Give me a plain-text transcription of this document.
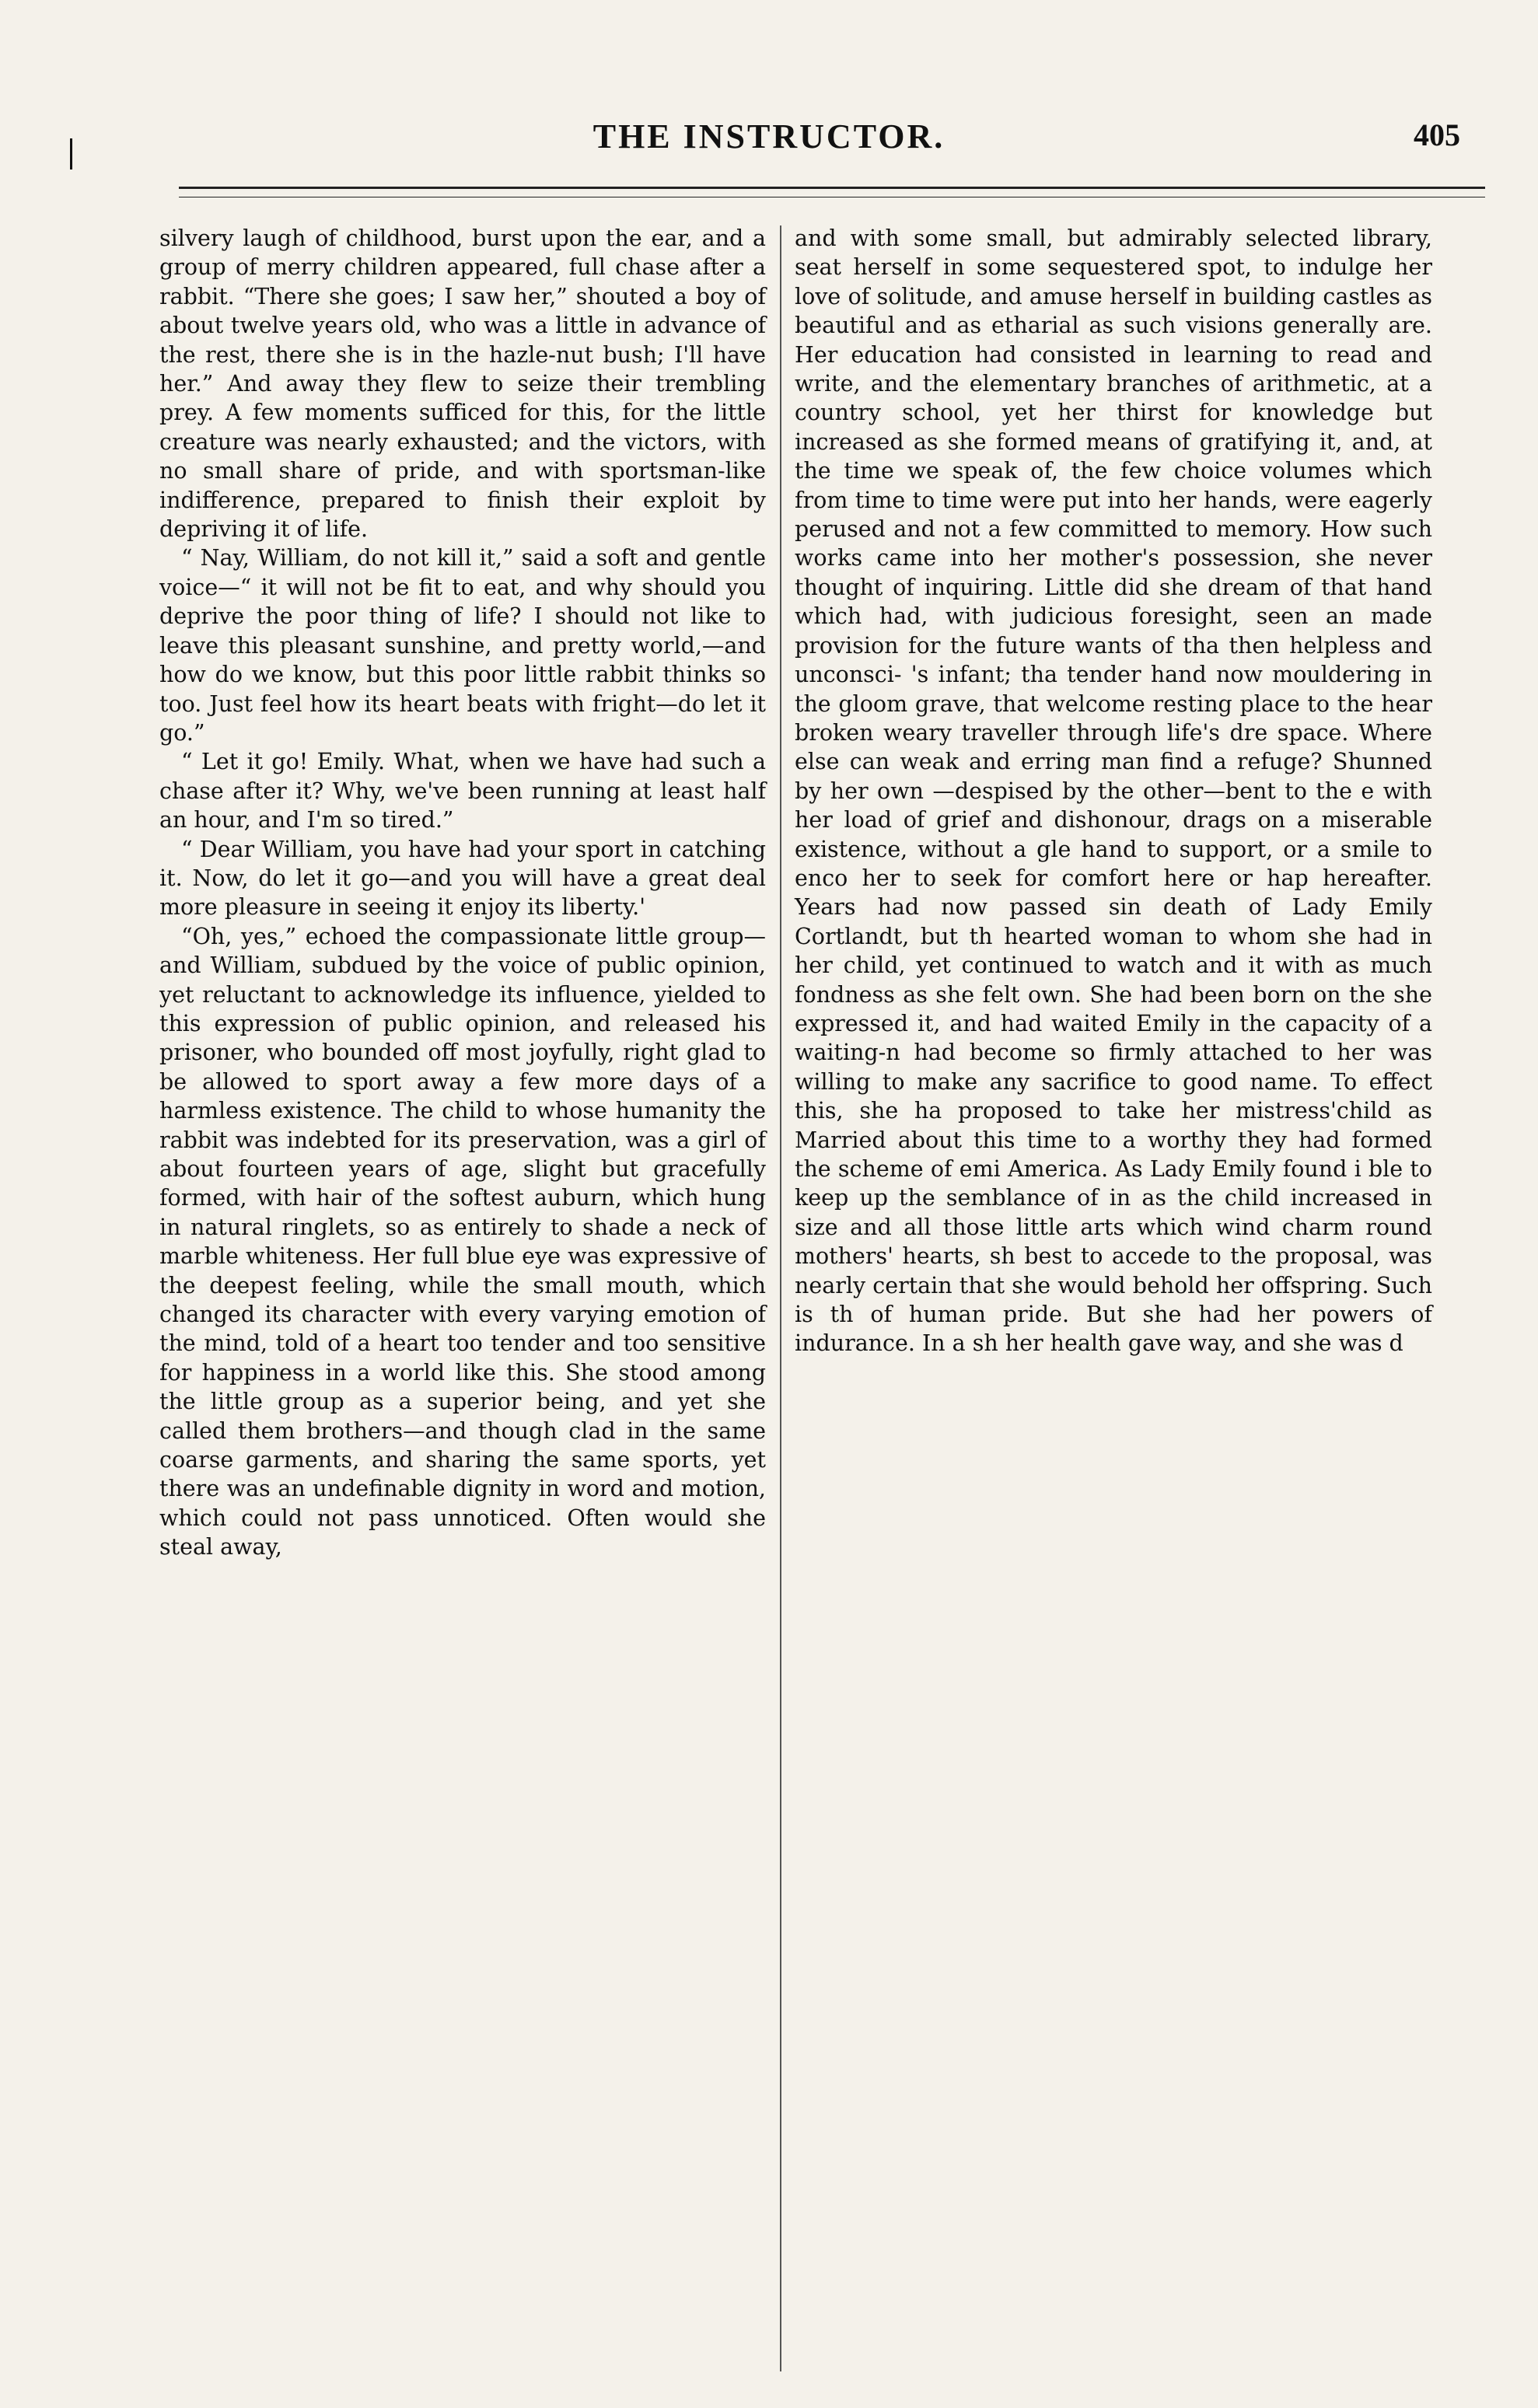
THE INSTRUCTOR.	405

silvery laugh of childhood, burst upon the ear, and a group of merry children appeared, full chase after a rabbit. “There she goes; I saw her,” shouted a boy of about twelve years old, who was a little in advance of the rest, there she is in the hazle-nut bush; I'll have her.” And away they flew to seize their trembling prey. A few moments sufficed for this, for the little creature was nearly exhausted; and the victors, with no small share of pride, and with sportsman-like indifference, prepared to finish their exploit by depriving it of life.

“ Nay, William, do not kill it,” said a soft and gentle voice—“ it will not be fit to eat, and why should you deprive the poor thing of life? I should not like to leave this pleasant sunshine, and pretty world,—and how do we know, but this poor little rabbit thinks so too. Just feel how its heart beats with fright—do let it go.”

“ Let it go! Emily. What, when we have had such a chase after it? Why, we've been running at least half an hour, and I'm so tired.”

“ Dear William, you have had your sport in catching it. Now, do let it go—and you will have a great deal more pleasure in seeing it enjoy its liberty.'

“Oh, yes,” echoed the compassionate little group—and William, subdued by the voice of public opinion, yet reluctant to acknowledge its influence, yielded to this expression of public opinion, and released his prisoner, who bounded off most joyfully, right glad to be allowed to sport away a few more days of a harmless existence. The child to whose humanity the rabbit was indebted for its preservation, was a girl of about fourteen years of age, slight but gracefully formed, with hair of the softest auburn, which hung in natural ringlets, so as entirely to shade a neck of marble whiteness. Her full blue eye was expressive of the deepest feeling, while the small mouth, which changed its character with every varying emotion of the mind, told of a heart too tender and too sensitive for happiness in a world like this. She stood among the little group as a superior being, and yet she called them brothers—and though clad in the same coarse garments, and sharing the same sports, yet there was an undefinable dignity in word and motion, which could not pass unnoticed. Often would she steal away,

and with some small, but admirably selected library, seat herself in some sequestered spot, to indulge her love of solitude, and amuse herself in building castles as beautiful and as etharial as such visions generally are. Her education had consisted in learning to read and write, and the elementary branches of arithmetic, at a country school, yet her thirst for knowledge but increased as she formed means of gratifying it, and, at the time we speak of, the few choice volumes which from time to time were put into her hands, were eagerly perused and not a few committed to memory. How such works came into her mother's possession, she never thought of inquiring. Little did she dream of that hand which had, with judicious foresight, seen an made provision for the future wants of tha then helpless and unconsci- 's infant; tha tender hand now mouldering in the gloom grave, that welcome resting place to the hear broken weary traveller through life's dre space. Where else can weak and erring man find a refuge? Shunned by her own —despised by the other—bent to the e with her load of grief and dishonour, drags on a miserable existence, without a gle hand to support, or a smile to enco her to seek for comfort here or hap hereafter. Years had now passed sin death of Lady Emily Cortlandt, but th hearted woman to whom she had in her child, yet continued to watch and it with as much fondness as she felt own. She had been born on the she expressed it, and had waited Emily in the capacity of a waiting-n had become so firmly attached to her was willing to make any sacrifice to good name. To effect this, she ha proposed to take her mistress'child as Married about this time to a worthy they had formed the scheme of emi America. As Lady Emily found i ble to keep up the semblance of in as the child increased in size and all those little arts which wind charm round mothers' hearts, sh best to accede to the proposal, was nearly certain that she would behold her offspring. Such is th of human pride. But she had her powers of indurance. In a sh her health gave way, and she was d
